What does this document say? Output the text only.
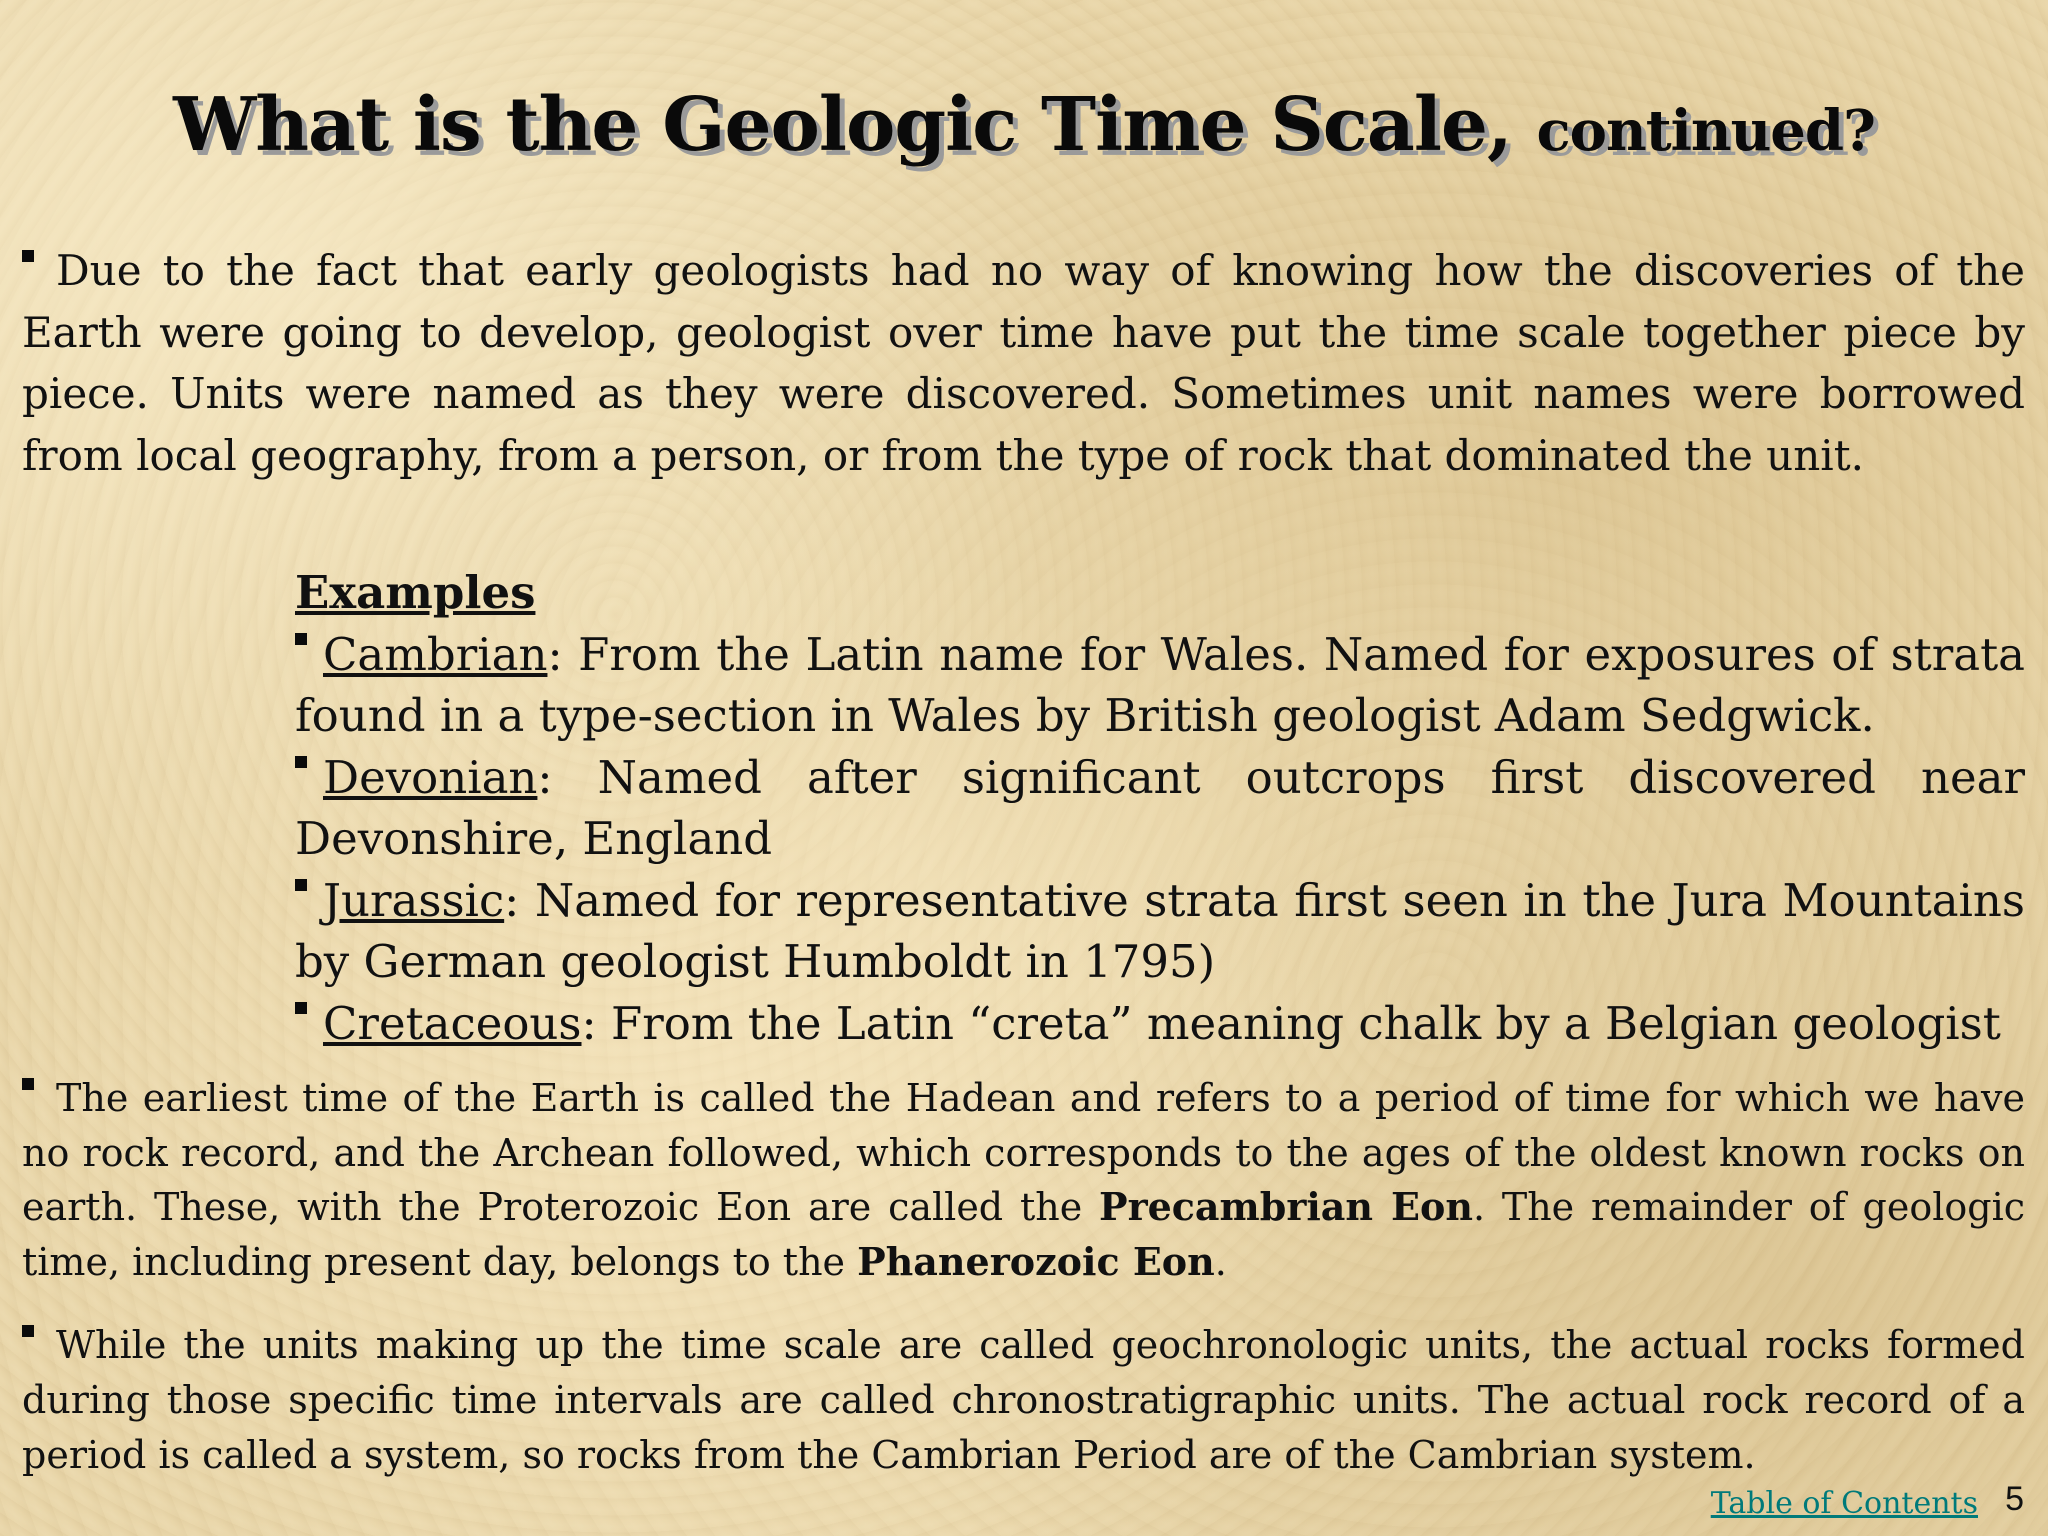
What is the Geologic Time Scale, continued?

Due to the fact that early geologists had no way of knowing how the discoveries of the Earth were going to develop, geologist over time have put the time scale together piece by piece. Units were named as they were discovered. Sometimes unit names were borrowed from local geography, from a person, or from the type of rock that dominated the unit.

Examples
Cambrian: From the Latin name for Wales. Named for exposures of strata found in a type-section in Wales by British geologist Adam Sedgwick.
Devonian: Named after significant outcrops first discovered near Devonshire, England
Jurassic: Named for representative strata first seen in the Jura Mountains by German geologist Humboldt in 1795)
Cretaceous: From the Latin “creta” meaning chalk by a Belgian geologist

The earliest time of the Earth is called the Hadean and refers to a period of time for which we have no rock record, and the Archean followed, which corresponds to the ages of the oldest known rocks on earth. These, with the Proterozoic Eon are called the Precambrian Eon. The remainder of geologic time, including present day, belongs to the Phanerozoic Eon.

While the units making up the time scale are called geochronologic units, the actual rocks formed during those specific time intervals are called chronostratigraphic units. The actual rock record of a period is called a system, so rocks from the Cambrian Period are of the Cambrian system.

Table of Contents 5
